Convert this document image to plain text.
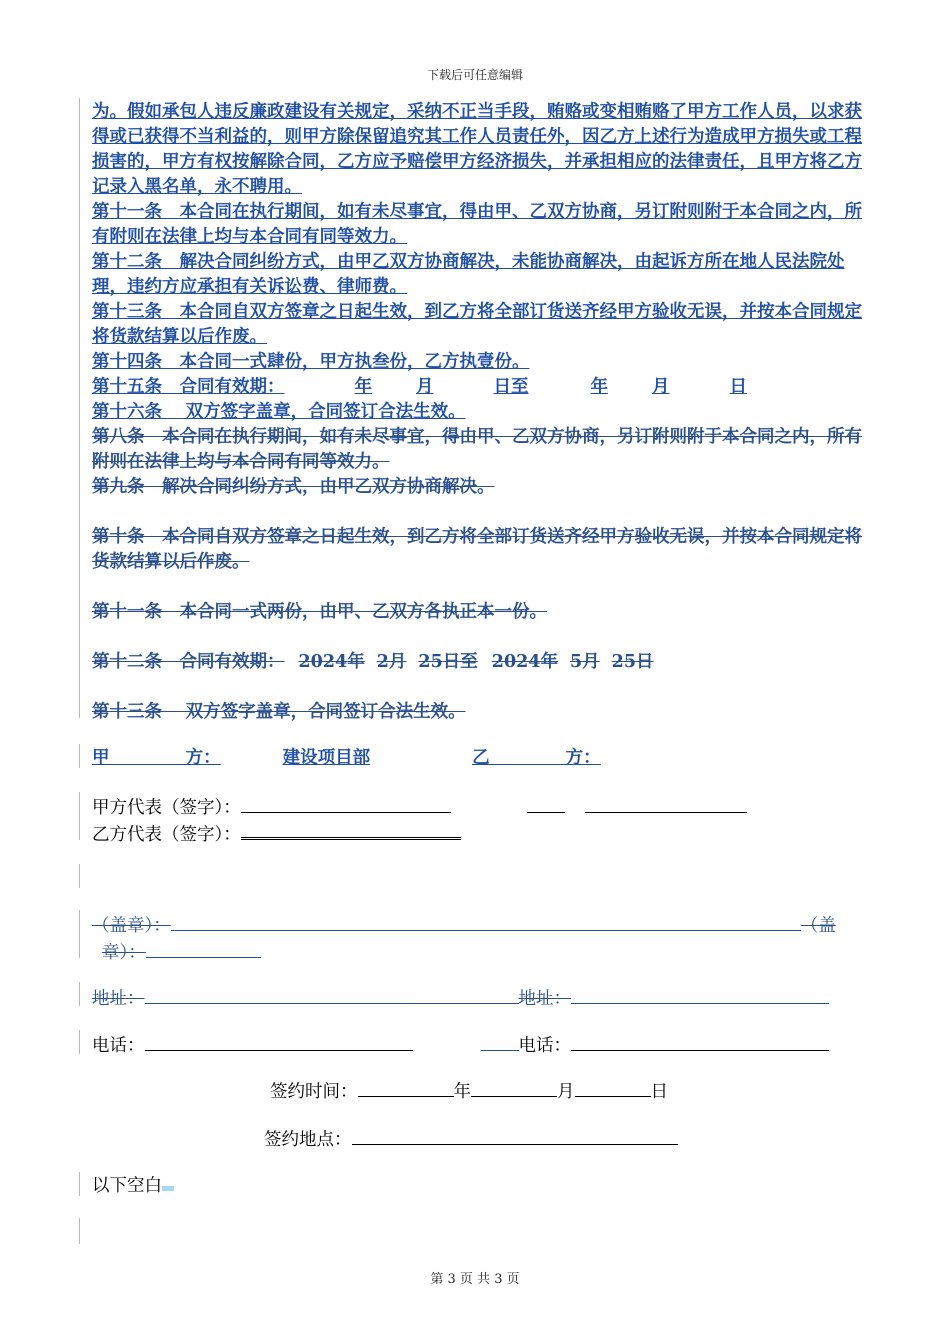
下载后可任意编辑
为。假如承包人违反廉政建设有关规定，采纳不正当手段，贿赂或变相贿赂了甲方工作人员，以求获得或已获得不当利益的，则甲方除保留追究其工作人员责任外，因乙方上述行为造成甲方损失或工程损害的，甲方有权按解除合同，乙方应予赔偿甲方经济损失，并承担相应的法律责任，且甲方将乙方记录入黑名单，永不聘用。
第十一条　本合同在执行期间，如有未尽事宜，得由甲、乙双方协商，另订附则附于本合同之内，所有附则在法律上均与本合同有同等效力。
第十二条　解决合同纠纷方式，由甲乙双方协商解决，未能协商解决，由起诉方所在地人民法院处理，违约方应承担有关诉讼费、律师费。
第十三条　本合同自双方签章之日起生效，到乙方将全部订货送齐经甲方验收无误，并按本合同规定将货款结算以后作废。
第十四条　本合同一式肆份，甲方执叁份，乙方执壹份。
第十五条　合同有效期：	年	月	日至	年	月	日
第十六条　 双方签字盖章，合同签订合法生效。
第八条　本合同在执行期间，如有未尽事宜，得由甲、乙双方协商，另订附则附于本合同之内，所有附则在法律上均与本合同有同等效力。
第九条　解决合同纠纷方式，由甲乙双方协商解决。
第十条　本合同自双方签章之日起生效，到乙方将全部订货送齐经甲方验收无误，并按本合同规定将货款结算以后作废。
第十一条　本合同一式两份，由甲、乙双方各执正本一份。
第十二条　合同有效期： 2024年 2月 25日至 2024年 5月 25日
第十三条　 双方签字盖章，合同签订合法生效。
甲　　　　 方：	建设项目部	乙　　　　 方：
甲方代表（签字）：
乙方代表（签字）：
（盖章）：	（盖
章）：
地址：	地址：
电话：	电话：
签约时间：	年	月	日
签约地点：
以下空白
第 3 页 共 3 页
